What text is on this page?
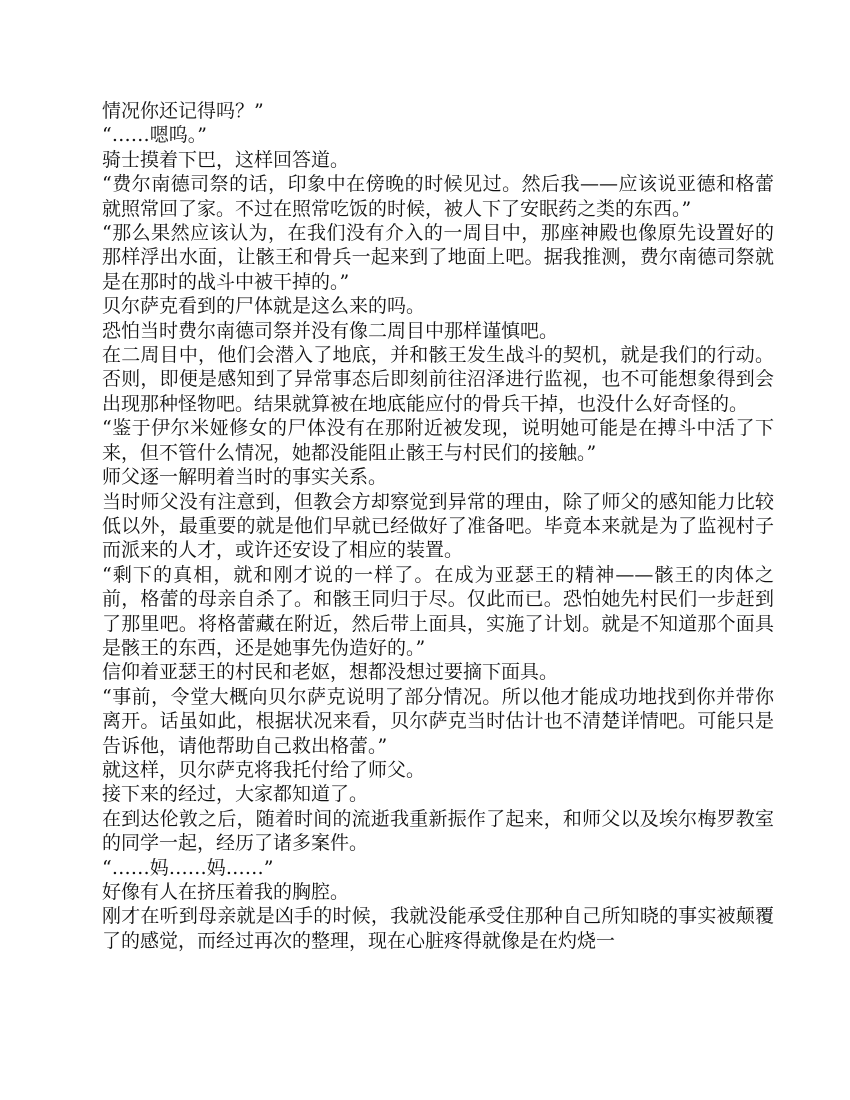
情况你还记得吗？”

“……嗯呜。”

骑士摸着下巴，这样回答道。

“费尔南德司祭的话，印象中在傍晚的时候见过。然后我——应该说亚德和格蕾就照常回了家。不过在照常吃饭的时候，被人下了安眠药之类的东西。”

“那么果然应该认为，在我们没有介入的一周目中，那座神殿也像原先设置好的那样浮出水面，让骸王和骨兵一起来到了地面上吧。据我推测，费尔南德司祭就是在那时的战斗中被干掉的。”

贝尔萨克看到的尸体就是这么来的吗。

恐怕当时费尔南德司祭并没有像二周目中那样谨慎吧。

在二周目中，他们会潜入了地底，并和骸王发生战斗的契机，就是我们的行动。否则，即便是感知到了异常事态后即刻前往沼泽进行监视，也不可能想象得到会出现那种怪物吧。结果就算被在地底能应付的骨兵干掉，也没什么好奇怪的。

“鉴于伊尔米娅修女的尸体没有在那附近被发现，说明她可能是在搏斗中活了下来，但不管什么情况，她都没能阻止骸王与村民们的接触。”

师父逐一解明着当时的事实关系。

当时师父没有注意到，但教会方却察觉到异常的理由，除了师父的感知能力比较低以外，最重要的就是他们早就已经做好了准备吧。毕竟本来就是为了监视村子而派来的人才，或许还安设了相应的装置。

“剩下的真相，就和刚才说的一样了。在成为亚瑟王的精神——骸王的肉体之前，格蕾的母亲自杀了。和骸王同归于尽。仅此而已。恐怕她先村民们一步赶到了那里吧。将格蕾藏在附近，然后带上面具，实施了计划。就是不知道那个面具是骸王的东西，还是她事先伪造好的。”

信仰着亚瑟王的村民和老妪，想都没想过要摘下面具。

“事前，令堂大概向贝尔萨克说明了部分情况。所以他才能成功地找到你并带你离开。话虽如此，根据状况来看，贝尔萨克当时估计也不清楚详情吧。可能只是告诉他，请他帮助自己救出格蕾。”

就这样，贝尔萨克将我托付给了师父。

接下来的经过，大家都知道了。

在到达伦敦之后，随着时间的流逝我重新振作了起来，和师父以及埃尔梅罗教室的同学一起，经历了诸多案件。

“……妈……妈……”

好像有人在挤压着我的胸腔。

刚才在听到母亲就是凶手的时候，我就没能承受住那种自己所知晓的事实被颠覆了的感觉，而经过再次的整理，现在心脏疼得就像是在灼烧一
